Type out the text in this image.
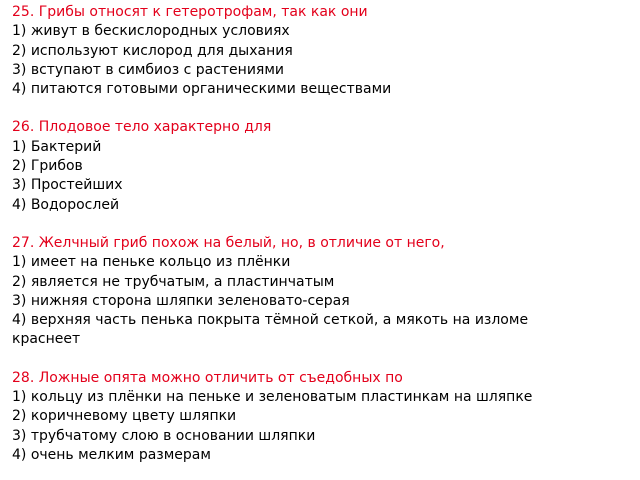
25. Грибы относят к гетеротрофам, так как они
1) живут в бескислородных условиях
2) используют кислород для дыхания
3) вступают в симбиоз с растениями
4) питаются готовыми органическими веществами
26. Плодовое тело характерно для
1) Бактерий
2) Грибов
3) Простейших
4) Водорослей
27. Желчный гриб похож на белый, но, в отличие от него,
1) имеет на пеньке кольцо из плёнки
2) является не трубчатым, а пластинчатым
3) нижняя сторона шляпки зеленовато-серая
4) верхняя часть пенька покрыта тёмной сеткой, а мякоть на изломе
краснеет
28. Ложные опята можно отличить от съедобных по
1) кольцу из плёнки на пеньке и зеленоватым пластинкам на шляпке
2) коричневому цвету шляпки
3) трубчатому слою в основании шляпки
4) очень мелким размерам
